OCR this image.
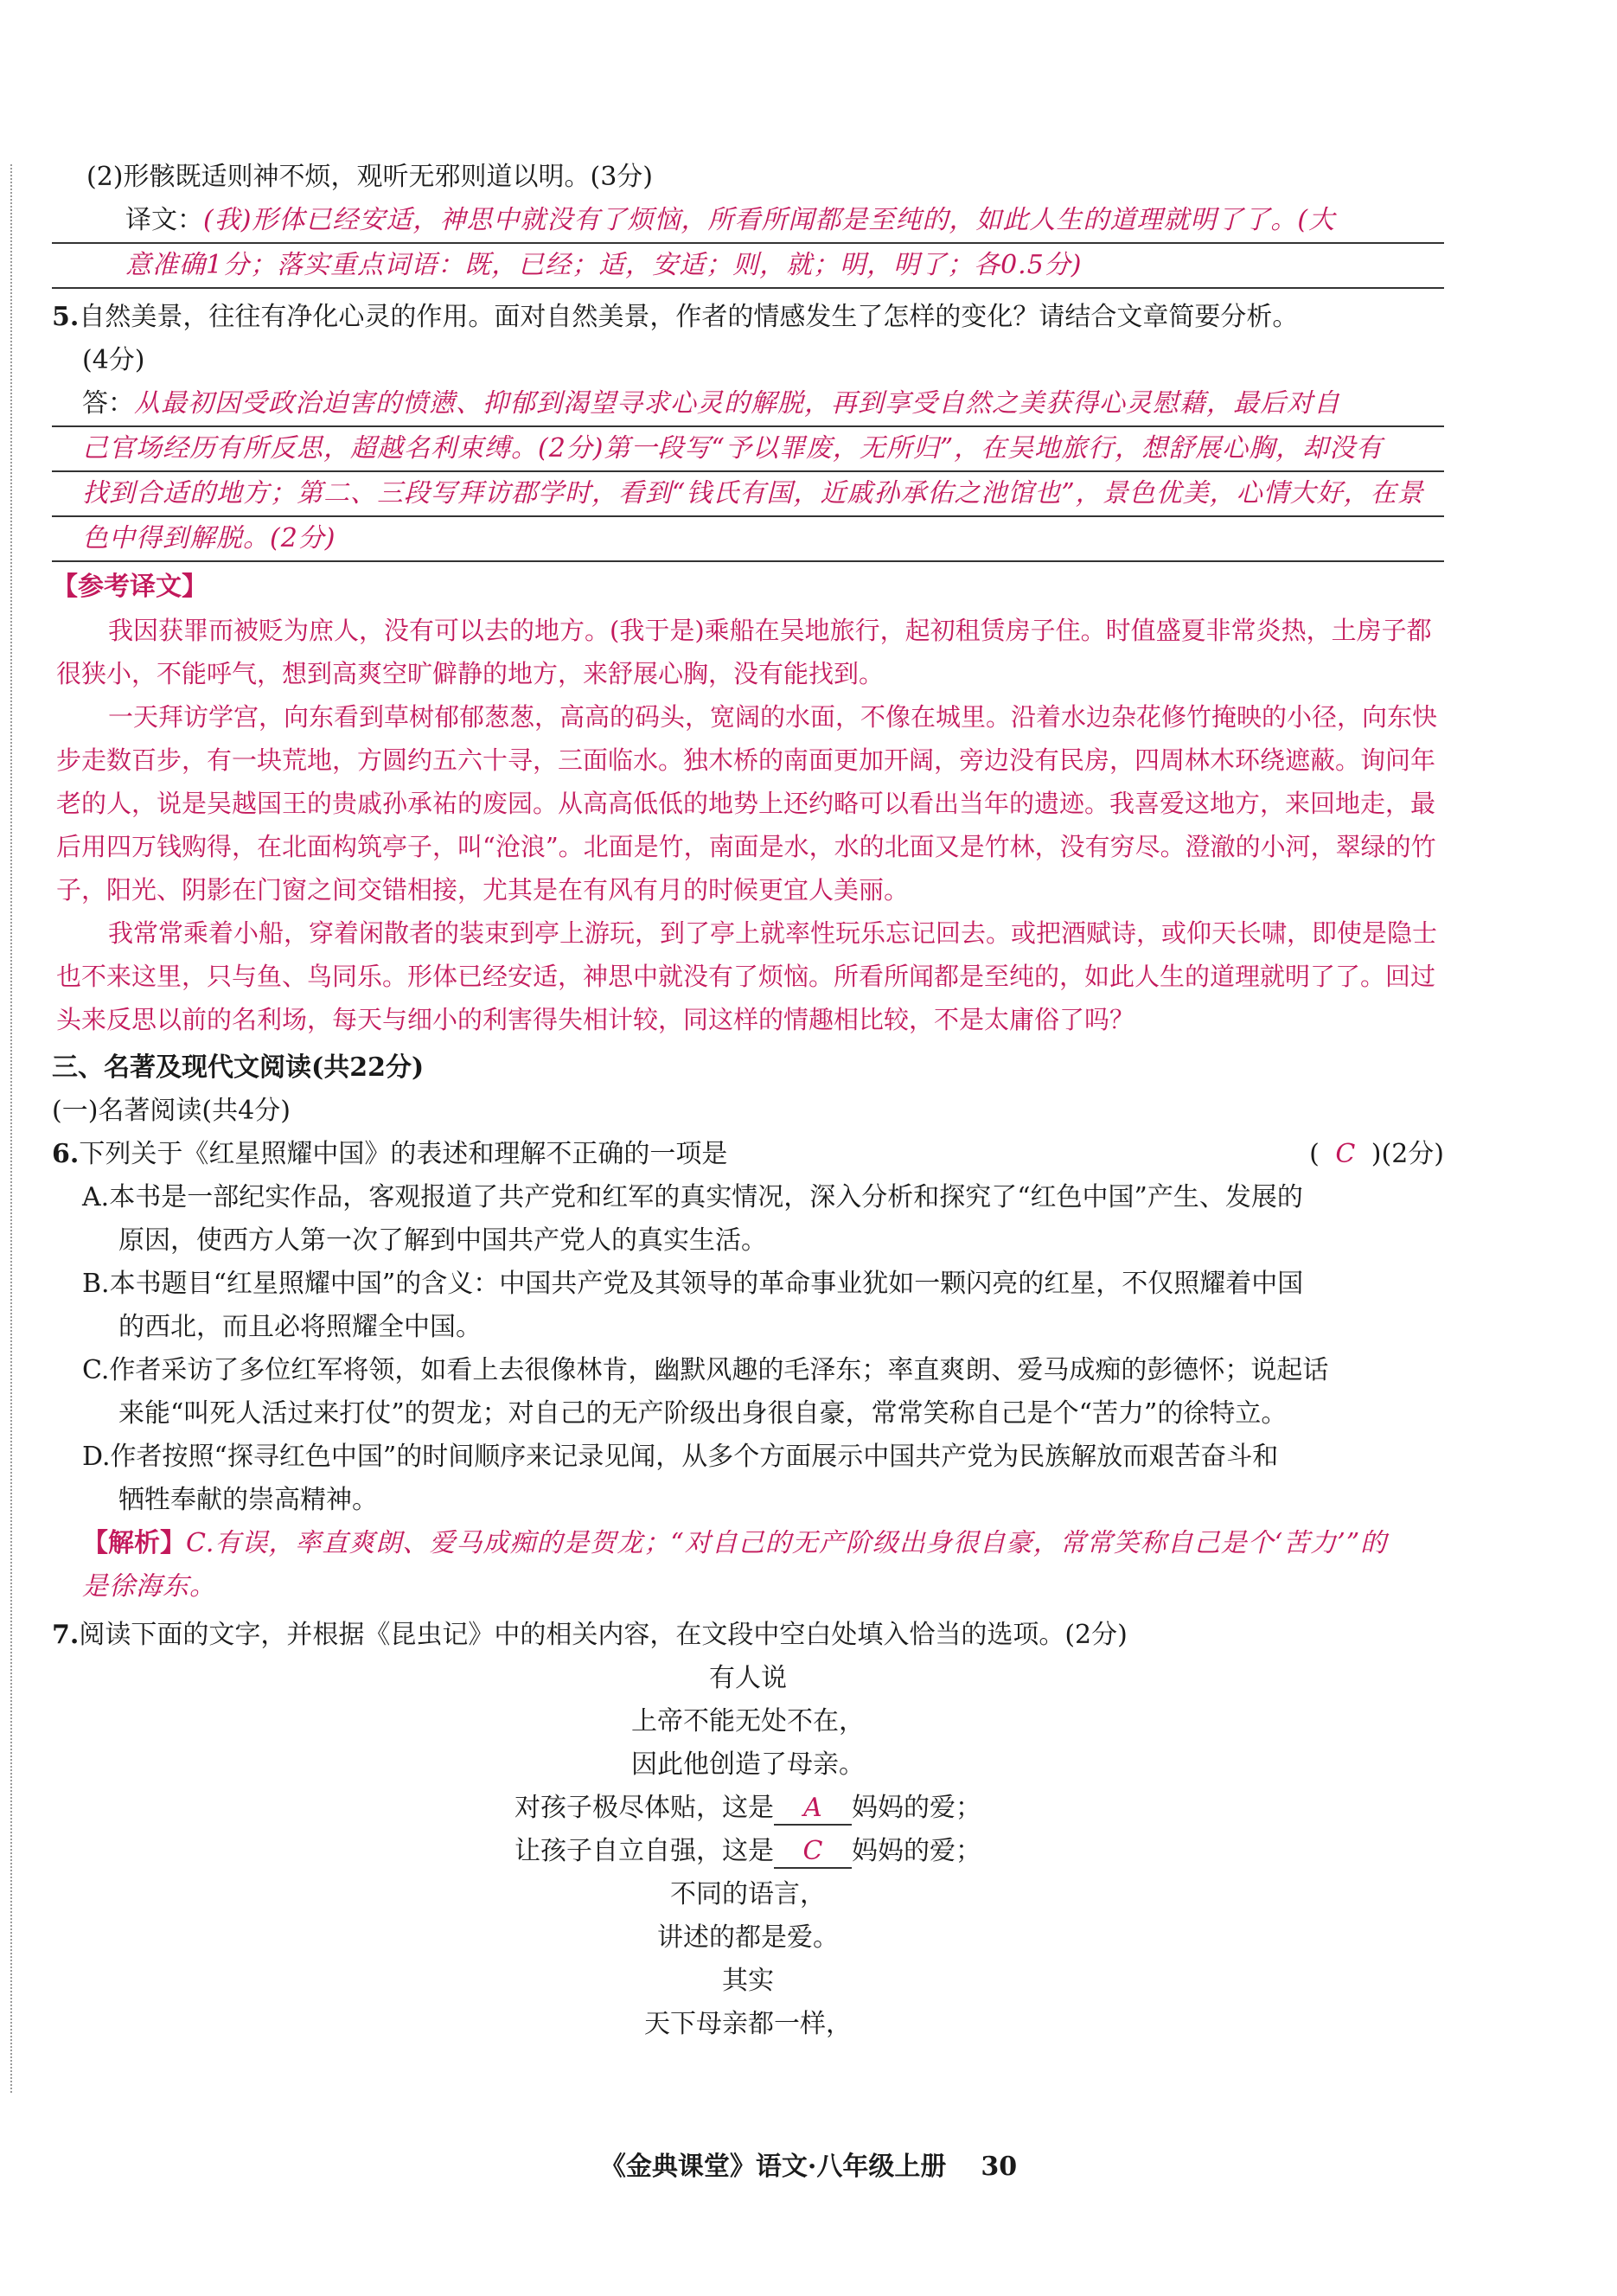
(2)形骸既适则神不烦，观听无邪则道以明。(3分)
译文：(我)形体已经安适，神思中就没有了烦恼，所看所闻都是至纯的，如此人生的道理就明了了。(大
意准确1分；落实重点词语：既，已经；适，安适；则，就；明，明了；各0.5分)
5.自然美景，往往有净化心灵的作用。面对自然美景，作者的情感发生了怎样的变化？请结合文章简要分析。
(4分)
答：从最初因受政治迫害的愤懑、抑郁到渴望寻求心灵的解脱，再到享受自然之美获得心灵慰藉，最后对自
己官场经历有所反思，超越名利束缚。(2分)第一段写“予以罪废，无所归”，在吴地旅行，想舒展心胸，却没有
找到合适的地方；第二、三段写拜访郡学时，看到“钱氏有国，近戚孙承佑之池馆也”，景色优美，心情大好，在景
色中得到解脱。(2分)
【参考译文】

我因获罪而被贬为庶人，没有可以去的地方。(我于是)乘船在吴地旅行，起初租赁房子住。时值盛夏非常炎热，土房子都很狭小，不能呼气，想到高爽空旷僻静的地方，来舒展心胸，没有能找到。

一天拜访学宫，向东看到草树郁郁葱葱，高高的码头，宽阔的水面，不像在城里。沿着水边杂花修竹掩映的小径，向东快步走数百步，有一块荒地，方圆约五六十寻，三面临水。独木桥的南面更加开阔，旁边没有民房，四周林木环绕遮蔽。询问年老的人，说是吴越国王的贵戚孙承祐的废园。从高高低低的地势上还约略可以看出当年的遗迹。我喜爱这地方，来回地走，最后用四万钱购得，在北面构筑亭子，叫“沧浪”。北面是竹，南面是水，水的北面又是竹林，没有穷尽。澄澈的小河，翠绿的竹子，阳光、阴影在门窗之间交错相接，尤其是在有风有月的时候更宜人美丽。

我常常乘着小船，穿着闲散者的装束到亭上游玩，到了亭上就率性玩乐忘记回去。或把酒赋诗，或仰天长啸，即使是隐士也不来这里，只与鱼、鸟同乐。形体已经安适，神思中就没有了烦恼。所看所闻都是至纯的，如此人生的道理就明了了。回过头来反思以前的名利场，每天与细小的利害得失相计较，同这样的情趣相比较，不是太庸俗了吗？

三、名著及现代文阅读(共22分)
(一)名著阅读(共4分)
6.下列关于《红星照耀中国》的表述和理解不正确的一项是	( C )(2分)
A.本书是一部纪实作品，客观报道了共产党和红军的真实情况，深入分析和探究了“红色中国”产生、发展的
原因，使西方人第一次了解到中国共产党人的真实生活。
B.本书题目“红星照耀中国”的含义：中国共产党及其领导的革命事业犹如一颗闪亮的红星，不仅照耀着中国
的西北，而且必将照耀全中国。
C.作者采访了多位红军将领，如看上去很像林肯，幽默风趣的毛泽东；率直爽朗、爱马成痴的彭德怀；说起话
来能“叫死人活过来打仗”的贺龙；对自己的无产阶级出身很自豪，常常笑称自己是个“苦力”的徐特立。
D.作者按照“探寻红色中国”的时间顺序来记录见闻，从多个方面展示中国共产党为民族解放而艰苦奋斗和
牺牲奉献的崇高精神。
【解析】C.有误，率直爽朗、爱马成痴的是贺龙；“对自己的无产阶级出身很自豪，常常笑称自己是个‘苦力’”的
是徐海东。
7.阅读下面的文字，并根据《昆虫记》中的相关内容，在文段中空白处填入恰当的选项。(2分)
有人说
上帝不能无处不在，
因此他创造了母亲。
对孩子极尽体贴，这是 A 妈妈的爱；
让孩子自立自强，这是 C 妈妈的爱；
不同的语言，
讲述的都是爱。
其实
天下母亲都一样，
《金典课堂》语文·八年级上册 30
